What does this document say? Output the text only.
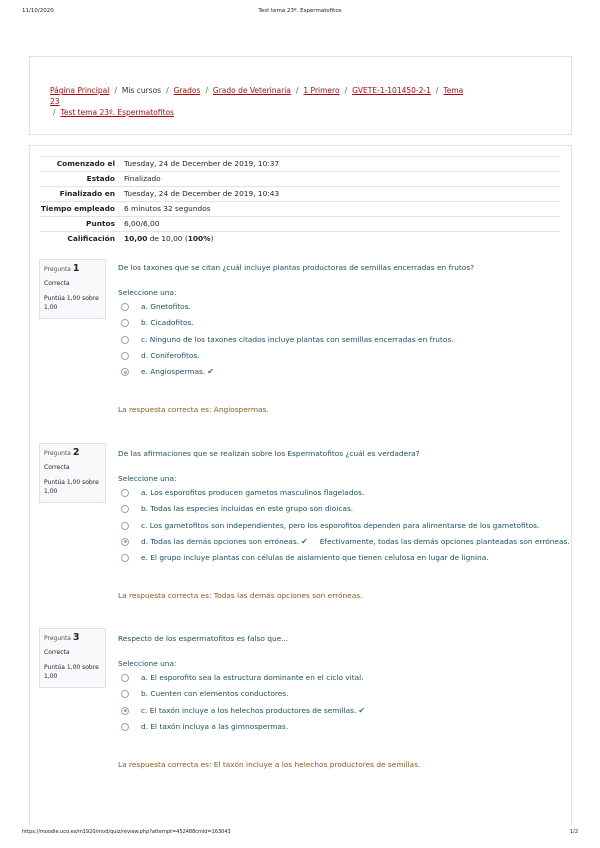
11/10/2020	Test tema 23º. Espermatofitos
Página Principal / Mis cursos / Grados / Grado de Veterinaria / 1 Primero / GVETE-1-101450-2-1 / Tema 23
/ Test tema 23º. Espermatofitos
Comenzado el	Tuesday, 24 de December de 2019, 10:37
Estado	Finalizado
Finalizado en	Tuesday, 24 de December de 2019, 10:43
Tiempo empleado	6 minutos 32 segundos
Puntos	6,00/6,00
Calificación	10,00 de 10,00 (100%)
Pregunta 1
Correcta
Puntúa 1,00 sobre 1,00
De los taxones que se citan ¿cuál incluye plantas productoras de semillas encerradas en frutos?
Seleccione una:
a. Gnetofitos.
b. Cicadofitos.
c. Ninguno de los taxones citados incluye plantas con semillas encerradas en frutos.
d. Coniferofitos.
e. Angiospermas. ✔
La respuesta correcta es: Angiospermas.
Pregunta 2
Correcta
Puntúa 1,00 sobre 1,00
De las afirmaciones que se realizan sobre los Espermatofitos ¿cuál es verdadera?
Seleccione una:
a. Los esporofitos producen gametos masculinos flagelados.
b. Todas las especies incluidas en este grupo son dioicas.
c. Los gametofitos son independientes, pero los esporofitos dependen para alimentarse de los gametofitos.
d. Todas las demás opciones son erróneas. ✔ Efectivamente, todas las demás opciones planteadas son erróneas.
e. El grupo incluye plantas con células de aislamiento que tienen celulosa en lugar de lignina.
La respuesta correcta es: Todas las demás opciones son erróneas.
Pregunta 3
Correcta
Puntúa 1,00 sobre 1,00
Respecto de los espermatofitos es falso que...
Seleccione una:
a. El esporofito sea la estructura dominante en el ciclo vital.
b. Cuenten con elementos conductores.
c. El taxón incluye a los helechos productores de semillas. ✔
d. El taxón incluya a las gimnospermas.
La respuesta correcta es: El taxón incluye a los helechos productores de semillas.
https://moodle.uco.es/m1920/mod/quiz/review.php?attempt=452488cmid=163043	1/2
